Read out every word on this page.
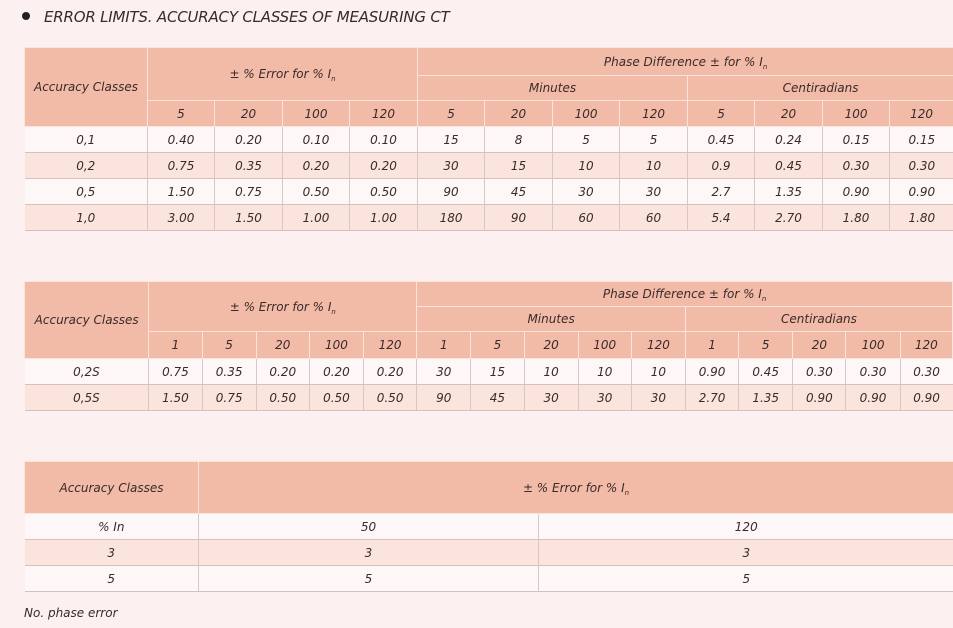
ERROR LIMITS. ACCURACY CLASSES OF MEASURING CT
Accuracy Classes	± % Error for % $I_n$				Phase Difference ± for % $I_n$
					Minutes				Centiradians			
	5	20	100	120	5	20	100	120	5	20	100	120
0,1	0.40	0.20	0.10	0.10	15	8	5	5	0.45	0.24	0.15	0.15
0,2	0.75	0.35	0.20	0.20	30	15	10	10	0.9	0.45	0.30	0.30
0,5	1.50	0.75	0.50	0.50	90	45	30	30	2.7	1.35	0.90	0.90
1,0	3.00	1.50	1.00	1.00	180	90	60	60	5.4	2.70	1.80	1.80
Accuracy Classes	± % Error for % $I_n$					Phase Difference ± for % $I_n$
						Minutes					Centiradians				
	1	5	20	100	120	1	5	20	100	120	1	5	20	100	120
0,2S	0.75	0.35	0.20	0.20	0.20	30	15	10	10	10	0.90	0.45	0.30	0.30	0.30
0,5S	1.50	0.75	0.50	0.50	0.50	90	45	30	30	30	2.70	1.35	0.90	0.90	0.90
Accuracy Classes	± % Error for % $I_n$
% In	50	120
3	3	3
5	5	5
No. phase error
